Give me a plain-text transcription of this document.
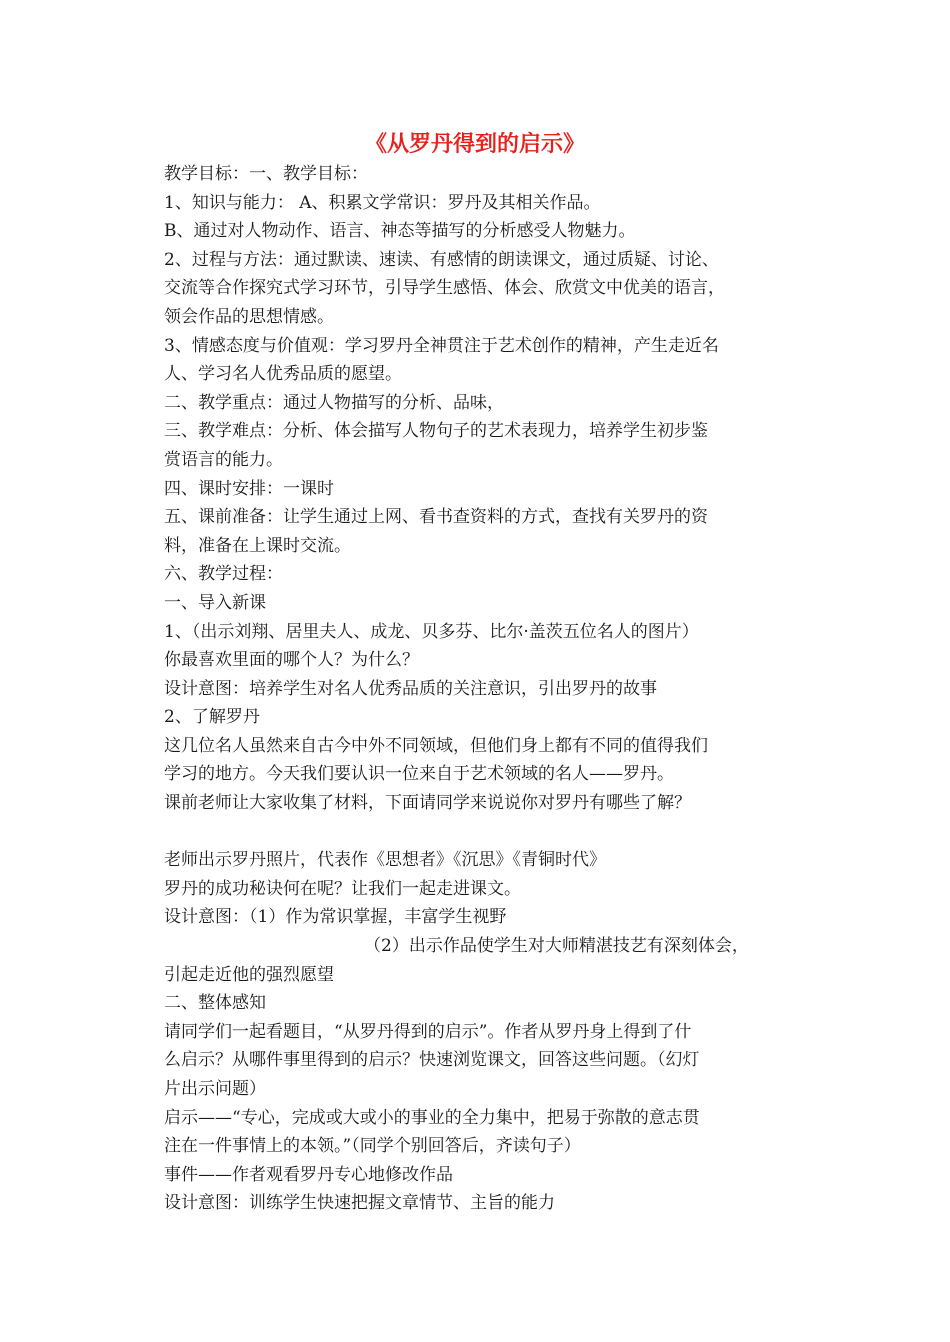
《从罗丹得到的启示》
教学目标：一、教学目标：
1、知识与能力： A、积累文学常识：罗丹及其相关作品。
B、通过对人物动作、语言、神态等描写的分析感受人物魅力。
2、过程与方法：通过默读、速读、有感情的朗读课文，通过质疑、讨论、
交流等合作探究式学习环节，引导学生感悟、体会、欣赏文中优美的语言，
领会作品的思想情感。
3、情感态度与价值观：学习罗丹全神贯注于艺术创作的精神，产生走近名
人、学习名人优秀品质的愿望。
二、教学重点：通过人物描写的分析、品味，
三、教学难点：分析、体会描写人物句子的艺术表现力，培养学生初步鉴
赏语言的能力。
四、课时安排：一课时
五、课前准备：让学生通过上网、看书查资料的方式，查找有关罗丹的资
料，准备在上课时交流。
六、教学过程：
一、导入新课
1、（出示刘翔、居里夫人、成龙、贝多芬、比尔·盖茨五位名人的图片）
你最喜欢里面的哪个人？为什么？
设计意图：培养学生对名人优秀品质的关注意识，引出罗丹的故事
2、了解罗丹
这几位名人虽然来自古今中外不同领域，但他们身上都有不同的值得我们
学习的地方。今天我们要认识一位来自于艺术领域的名人——罗丹。
课前老师让大家收集了材料，下面请同学来说说你对罗丹有哪些了解？
老师出示罗丹照片，代表作《思想者》《沉思》《青铜时代》
罗丹的成功秘诀何在呢？让我们一起走进课文。
设计意图：（1）作为常识掌握，丰富学生视野
（2）出示作品使学生对大师精湛技艺有深刻体会，
引起走近他的强烈愿望
二、整体感知
请同学们一起看题目，“从罗丹得到的启示”。作者从罗丹身上得到了什
么启示？从哪件事里得到的启示？快速浏览课文，回答这些问题。（幻灯
片出示问题）
启示——“专心，完成或大或小的事业的全力集中，把易于弥散的意志贯
注在一件事情上的本领。”（同学个别回答后，齐读句子）
事件——作者观看罗丹专心地修改作品
设计意图：训练学生快速把握文章情节、主旨的能力
